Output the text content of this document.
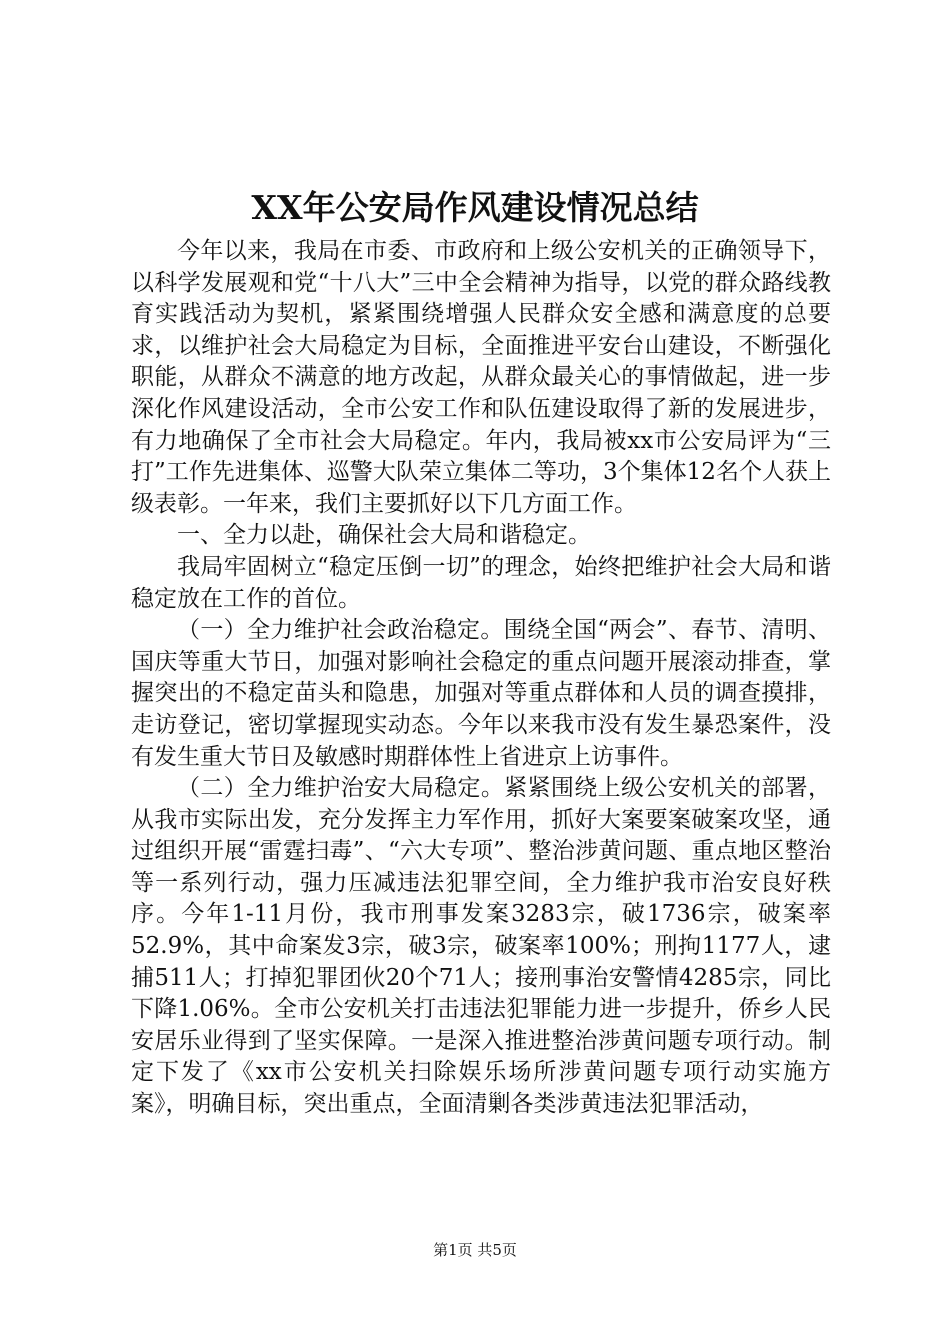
XX年公安局作风建设情况总结

今年以来，我局在市委、市政府和上级公安机关的正确领导下，以科学发展观和党“十八大”三中全会精神为指导，以党的群众路线教育实践活动为契机，紧紧围绕增强人民群众安全感和满意度的总要求，以维护社会大局稳定为目标，全面推进平安台山建设，不断强化职能，从群众不满意的地方改起，从群众最关心的事情做起，进一步深化作风建设活动，全市公安工作和队伍建设取得了新的发展进步，有力地确保了全市社会大局稳定。年内，我局被xx市公安局评为“三打”工作先进集体、巡警大队荣立集体二等功，3个集体12名个人获上级表彰。一年来，我们主要抓好以下几方面工作。

一、全力以赴，确保社会大局和谐稳定。

我局牢固树立“稳定压倒一切”的理念，始终把维护社会大局和谐稳定放在工作的首位。

（一）全力维护社会政治稳定。围绕全国“两会”、春节、清明、国庆等重大节日，加强对影响社会稳定的重点问题开展滚动排查，掌握突出的不稳定苗头和隐患，加强对等重点群体和人员的调查摸排，走访登记，密切掌握现实动态。今年以来我市没有发生暴恐案件，没有发生重大节日及敏感时期群体性上省进京上访事件。

（二）全力维护治安大局稳定。紧紧围绕上级公安机关的部署，从我市实际出发，充分发挥主力军作用，抓好大案要案破案攻坚，通过组织开展“雷霆扫毒”、“六大专项”、整治涉黄问题、重点地区整治等一系列行动，强力压减违法犯罪空间，全力维护我市治安良好秩序。今年1-11月份，我市刑事发案3283宗，破1736宗，破案率52.9%，其中命案发3宗，破3宗，破案率100%；刑拘1177人，逮捕511人；打掉犯罪团伙20个71人；接刑事治安警情4285宗，同比下降1.06%。全市公安机关打击违法犯罪能力进一步提升，侨乡人民安居乐业得到了坚实保障。一是深入推进整治涉黄问题专项行动。制定下发了《xx市公安机关扫除娱乐场所涉黄问题专项行动实施方案》，明确目标，突出重点，全面清剿各类涉黄违法犯罪活动，

第1页 共5页
